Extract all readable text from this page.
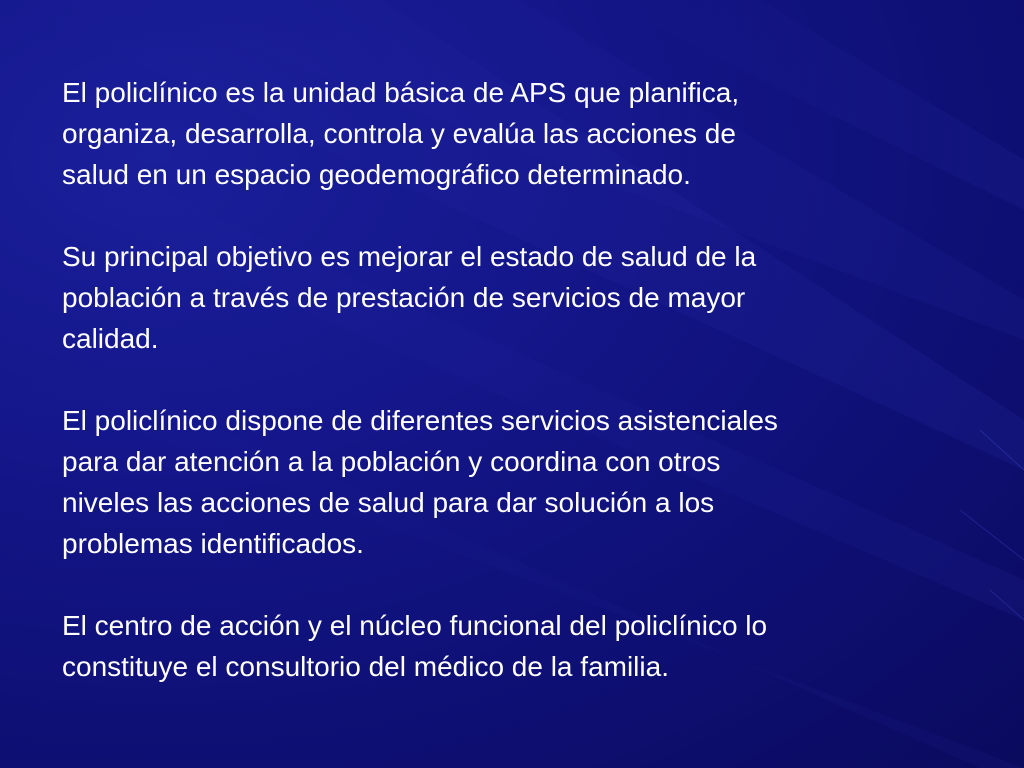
El policlínico es la unidad básica de APS que planifica,
organiza, desarrolla, controla y evalúa las acciones de
salud en un espacio geodemográfico determinado.

Su principal objetivo es mejorar el estado de salud de la
población a través de prestación de servicios de mayor
calidad.

El policlínico dispone de diferentes servicios asistenciales
para dar atención a la población y coordina con otros
niveles las acciones de salud para dar solución a los
problemas identificados.

El centro de acción y el núcleo funcional del policlínico lo
constituye el consultorio del médico de la familia.
